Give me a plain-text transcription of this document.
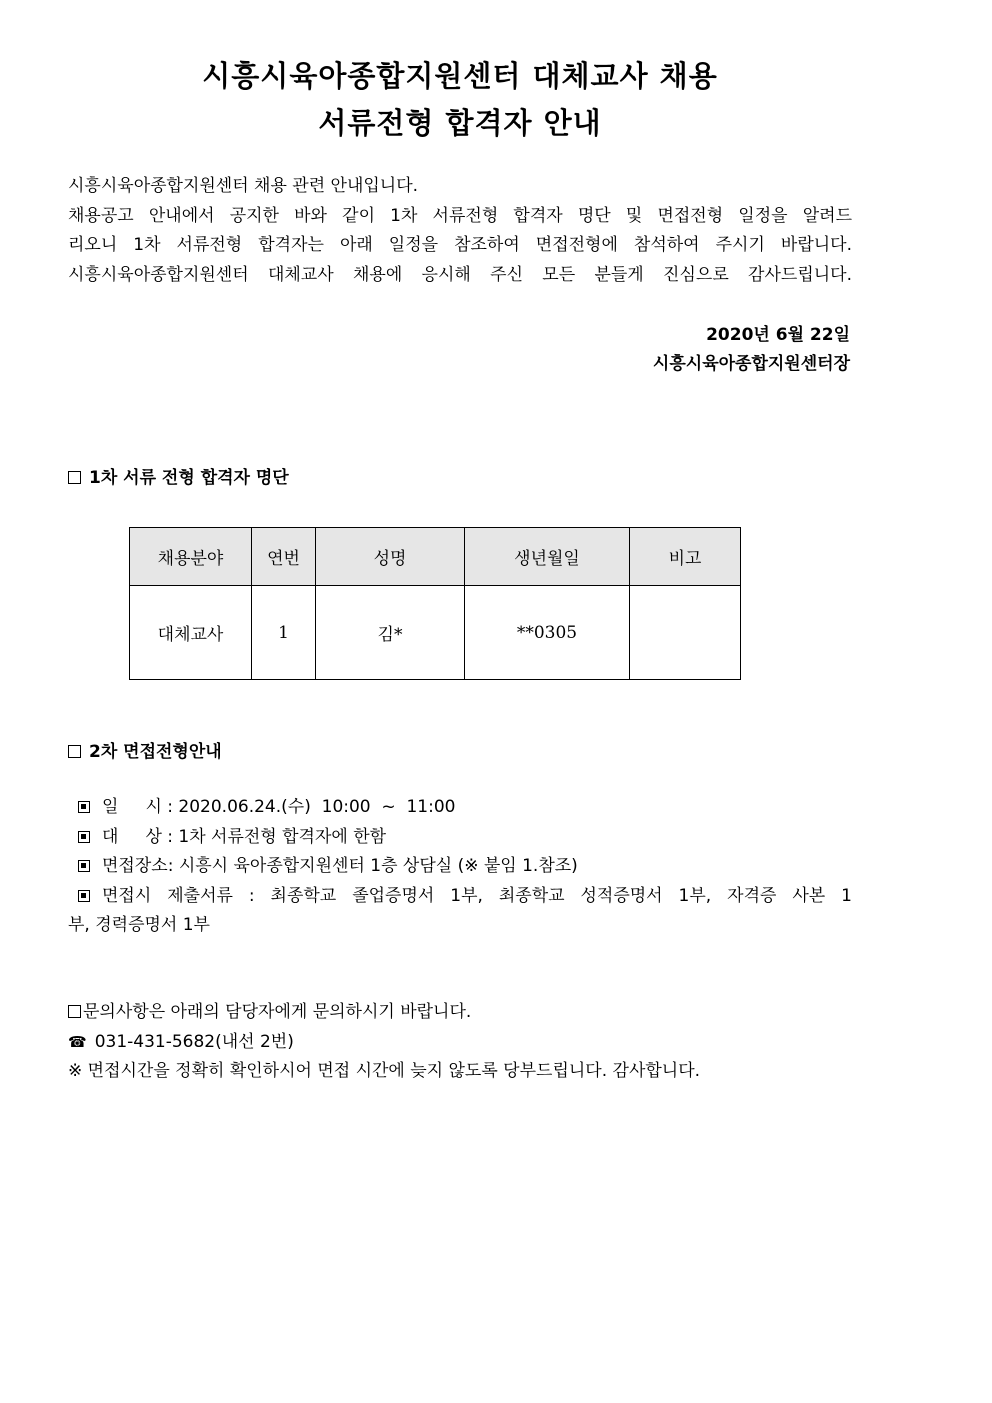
시흥시육아종합지원센터 대체교사 채용
서류전형 합격자 안내
시흥시육아종합지원센터 채용 관련 안내입니다.
채용공고 안내에서 공지한 바와 같이 1차 서류전형 합격자 명단 및 면접전형 일정을 알려드
리오니 1차 서류전형 합격자는 아래 일정을 참조하여 면접전형에 참석하여 주시기 바랍니다.
시흥시육아종합지원센터 대체교사 채용에 응시해 주신 모든 분들게 진심으로 감사드립니다.
2020년 6월 22일
시흥시육아종합지원센터장
1차 서류 전형 합격자 명단
채용분야	연번	성명	생년월일	비고
대체교사	1	김*	**0305	
2차 면접전형안내
일     시 : 2020.06.24.(수)  10:00  ~  11:00
대     상 : 1차 서류전형 합격자에 한함
면접장소: 시흥시 육아종합지원센터 1층 상담실 (※ 붙임 1.참조)
면접시 제출서류 : 최종학교 졸업증명서 1부, 최종학교 성적증명서 1부, 자격증 사본 1
부, 경력증명서 1부
문의사항은 아래의 담당자에게 문의하시기 바랍니다.
☎ 031-431-5682(내선 2번)
※ 면접시간을 정확히 확인하시어 면접 시간에 늦지 않도록 당부드립니다. 감사합니다.
